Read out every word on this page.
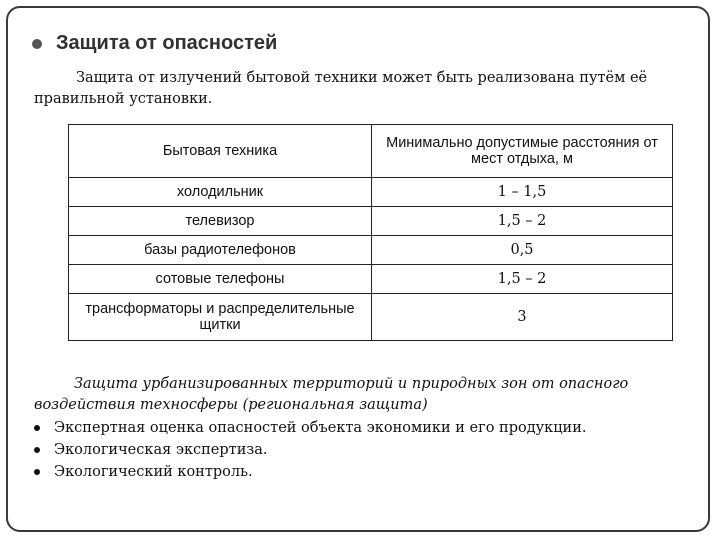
Защита от опасностей
Защита от излучений бытовой техники может быть реализована путём её правильной установки.
Бытовая техника	Минимально допустимые расстояния от мест отдыха, м
холодильник	1 – 1,5
телевизор	1,5 – 2
базы радиотелефонов	0,5
сотовые телефоны	1,5 – 2
трансформаторы и распределительные щитки	3
Защита урбанизированных территорий и природных зон от опасного воздействия техносферы (региональная защита)
Экспертная оценка опасностей объекта экономики и его продукции.
Экологическая экспертиза.
Экологический контроль.
